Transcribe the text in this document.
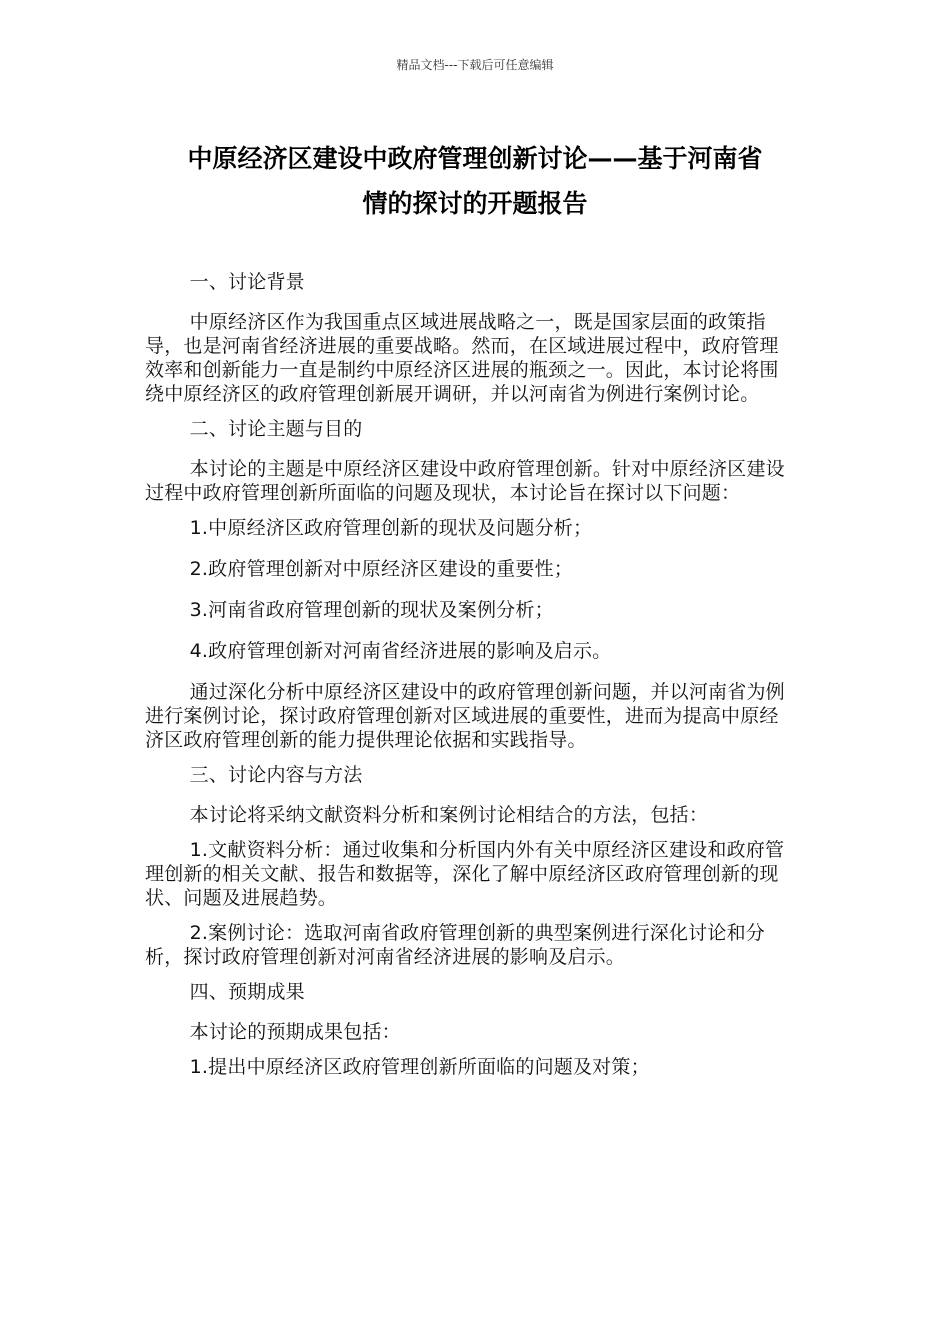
精品文档---下载后可任意编辑
中原经济区建设中政府管理创新讨论——基于河南省
情的探讨的开题报告

一、讨论背景

中原经济区作为我国重点区域进展战略之一，既是国家层面的政策指导，也是河南省经济进展的重要战略。然而，在区域进展过程中，政府管理效率和创新能力一直是制约中原经济区进展的瓶颈之一。因此，本讨论将围绕中原经济区的政府管理创新展开调研，并以河南省为例进行案例讨论。

二、讨论主题与目的

本讨论的主题是中原经济区建设中政府管理创新。针对中原经济区建设过程中政府管理创新所面临的问题及现状，本讨论旨在探讨以下问题：

1.中原经济区政府管理创新的现状及问题分析；

2.政府管理创新对中原经济区建设的重要性；

3.河南省政府管理创新的现状及案例分析；

4.政府管理创新对河南省经济进展的影响及启示。

通过深化分析中原经济区建设中的政府管理创新问题，并以河南省为例进行案例讨论，探讨政府管理创新对区域进展的重要性，进而为提高中原经济区政府管理创新的能力提供理论依据和实践指导。

三、讨论内容与方法

本讨论将采纳文献资料分析和案例讨论相结合的方法，包括：

1.文献资料分析：通过收集和分析国内外有关中原经济区建设和政府管理创新的相关文献、报告和数据等，深化了解中原经济区政府管理创新的现状、问题及进展趋势。

2.案例讨论：选取河南省政府管理创新的典型案例进行深化讨论和分析，探讨政府管理创新对河南省经济进展的影响及启示。

四、预期成果

本讨论的预期成果包括：

1.提出中原经济区政府管理创新所面临的问题及对策；
